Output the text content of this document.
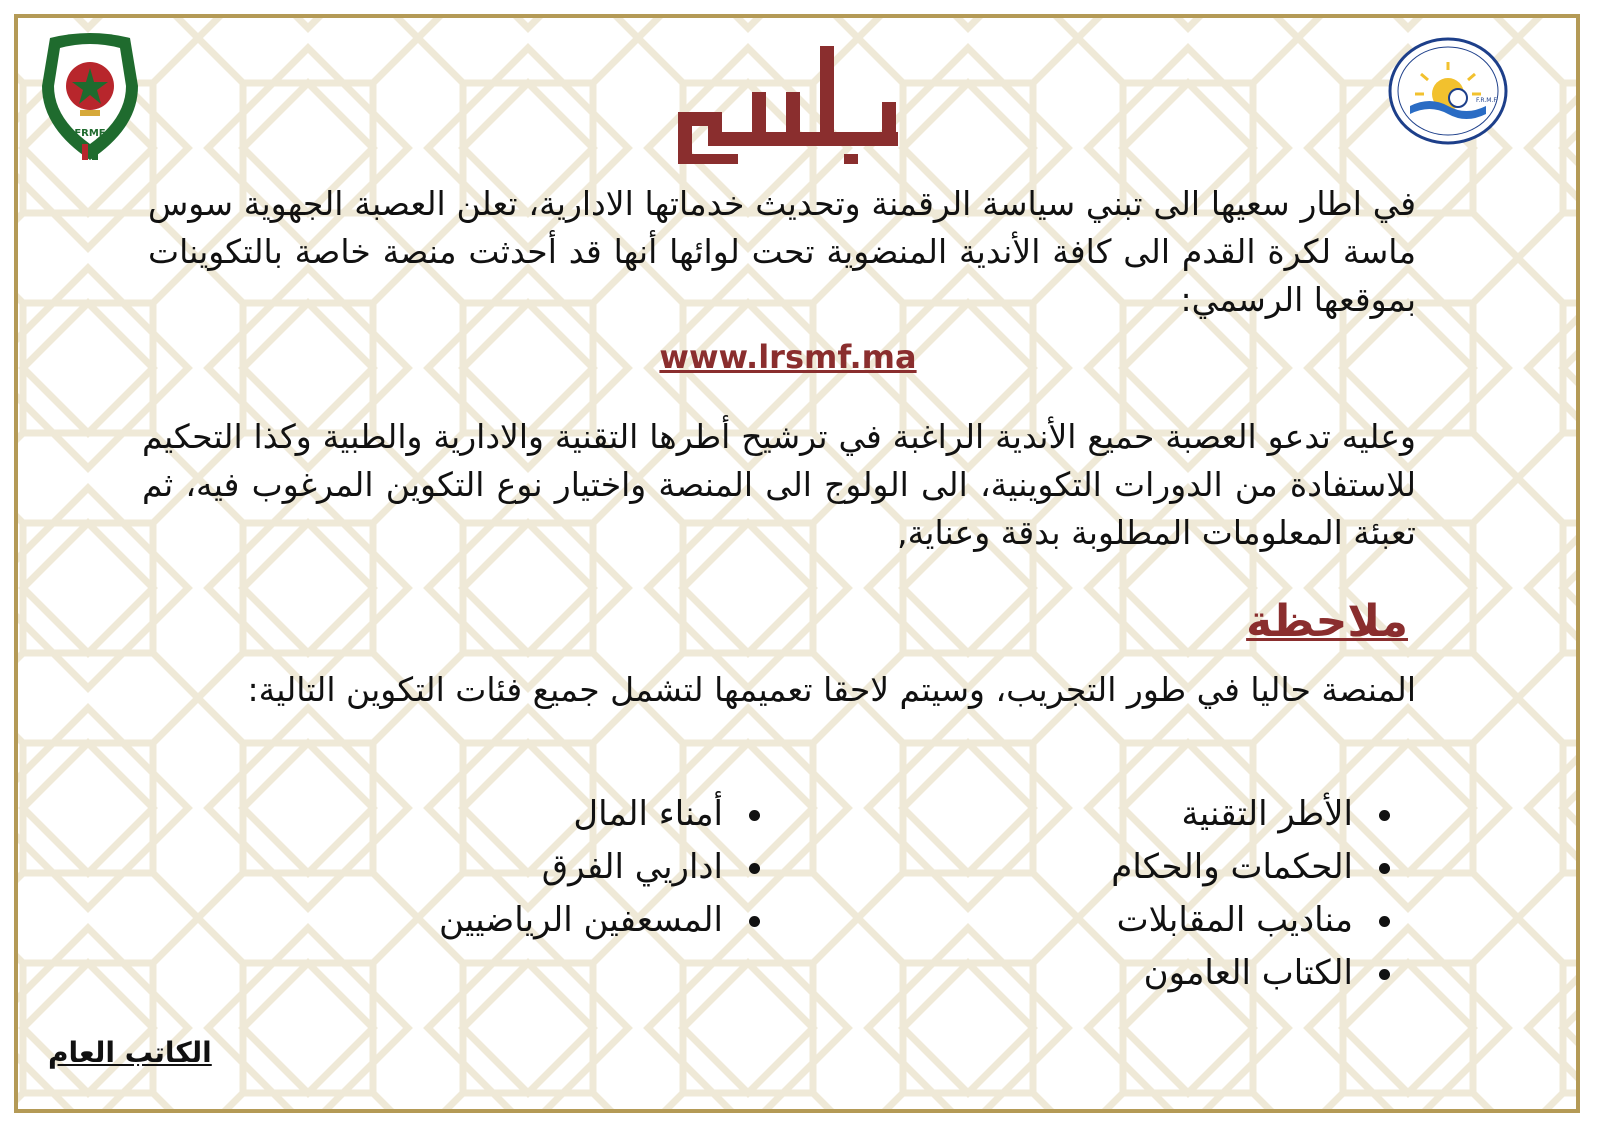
FRMF
F.R.M.F

في اطار سعيها الى تبني سياسة الرقمنة وتحديث خدماتها الادارية، تعلن العصبة الجهوية سوس ماسة لكرة القدم الى كافة الأندية المنضوية تحت لوائها أنها قد أحدثت منصة خاصة بالتكوينات بموقعها الرسمي:

www.lrsmf.ma

وعليه تدعو العصبة حميع الأندية الراغبة في ترشيح أطرها التقنية والادارية والطبية وكذا التحكيم للاستفادة من الدورات التكوينية، الى الولوج الى المنصة واختيار نوع التكوين المرغوب فيه، ثم تعبئة المعلومات المطلوبة بدقة وعناية,

ملاحظة

المنصة حاليا في طور التجريب، وسيتم لاحقا تعميمها لتشمل جميع فئات التكوين التالية:

الأطر التقنية
الحكمات والحكام
مناديب المقابلات
الكتاب العامون
أمناء المال
اداريي الفرق
المسعفين الرياضيين
الكاتب العام
